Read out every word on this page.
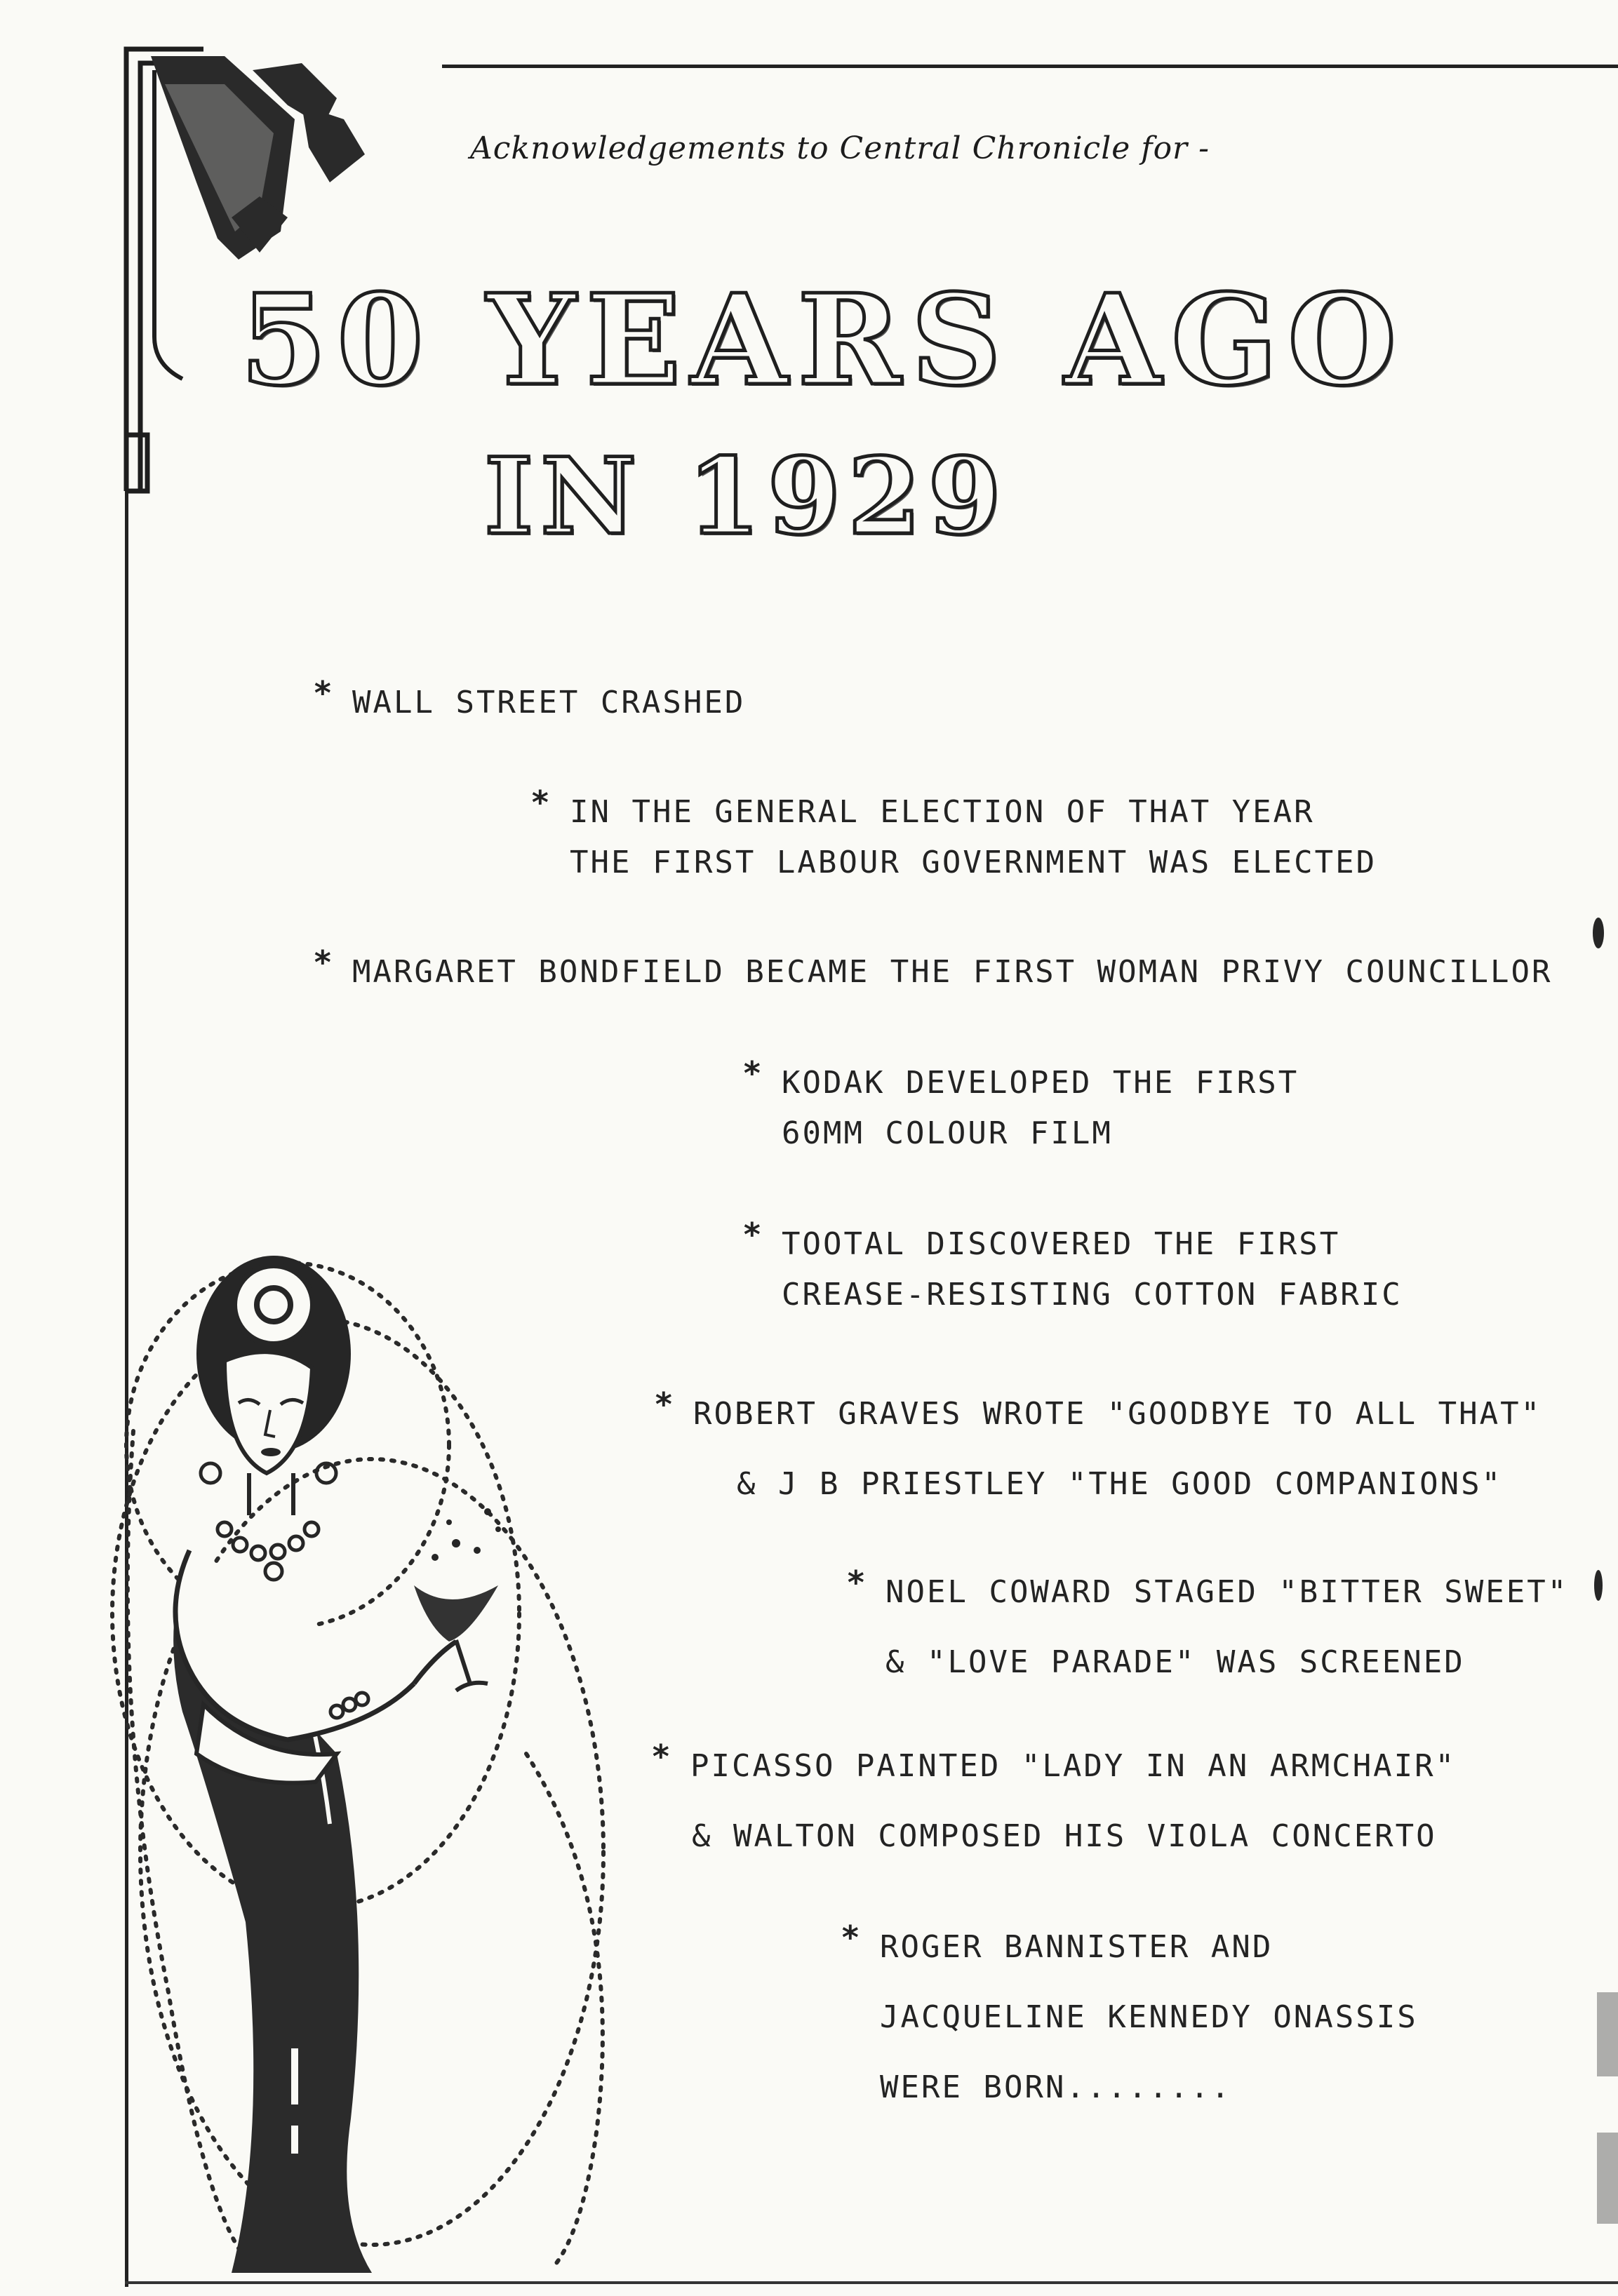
Acknowledgements to Central Chronicle for -
50 YEARS AGO
IN 1929
* WALL STREET CRASHED
* IN THE GENERAL ELECTION OF THAT YEAR
THE FIRST LABOUR GOVERNMENT WAS ELECTED
* MARGARET BONDFIELD BECAME THE FIRST WOMAN PRIVY COUNCILLOR
* KODAK DEVELOPED THE FIRST
60MM COLOUR FILM
* TOOTAL DISCOVERED THE FIRST
CREASE-RESISTING COTTON FABRIC
* ROBERT GRAVES WROTE "GOODBYE TO ALL THAT"
& J B PRIESTLEY "THE GOOD COMPANIONS"
* NOEL COWARD STAGED "BITTER SWEET"
& "LOVE PARADE" WAS SCREENED
* PICASSO PAINTED "LADY IN AN ARMCHAIR"
& WALTON COMPOSED HIS VIOLA CONCERTO
* ROGER BANNISTER AND
JACQUELINE KENNEDY ONASSIS
WERE BORN........
